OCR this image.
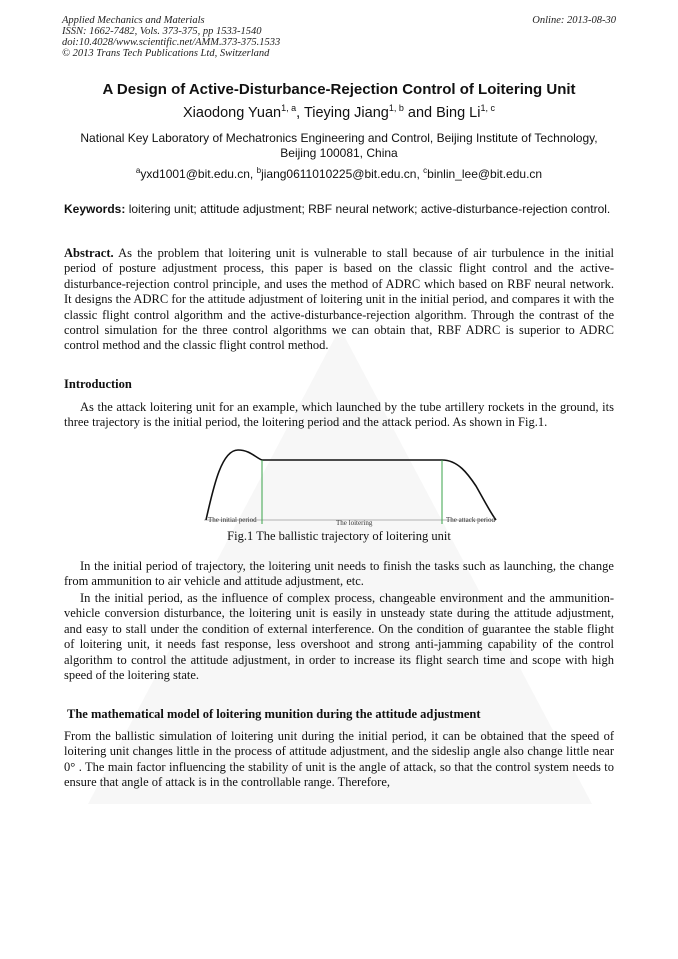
Applied Mechanics and Materials
ISSN: 1662-7482, Vols. 373-375, pp 1533-1540
doi:10.4028/www.scientific.net/AMM.373-375.1533
© 2013 Trans Tech Publications Ltd, Switzerland
Online: 2013-08-30
A Design of Active-Disturbance-Rejection Control of Loitering Unit
Xiaodong Yuan$^{1, a}$, Tieying Jiang$^{1, b}$ and Bing Li$^{1, c}$
National Key Laboratory of Mechatronics Engineering and Control, Beijing Institute of Technology, Beijing 100081, China
$^a$yxd1001@bit.edu.cn, $^b$jiang0611010225@bit.edu.cn, $^c$binlin_lee@bit.edu.cn
Keywords: loitering unit; attitude adjustment; RBF neural network; active-disturbance-rejection control.
Abstract. As the problem that loitering unit is vulnerable to stall because of air turbulence in the initial period of posture adjustment process, this paper is based on the classic flight control and the active-disturbance-rejection control principle, and uses the method of ADRC which based on RBF neural network. It designs the ADRC for the attitude adjustment of loitering unit in the initial period, and compares it with the classic flight control algorithm and the active-disturbance-rejection algorithm. Through the contrast of the control simulation for the three control algorithms we can obtain that, RBF ADRC is superior to ADRC control method and the classic flight control method.
Introduction
As the attack loitering unit for an example, which launched by the tube artillery rockets in the ground, its three trajectory is the initial period, the loitering period and the attack period. As shown in Fig.1.
The initial period	The loitering	The attack period
Fig.1 The ballistic trajectory of loitering unit
In the initial period of trajectory, the loitering unit needs to finish the tasks such as launching, the change from ammunition to air vehicle and attitude adjustment, etc.
In the initial period, as the influence of complex process, changeable environment and the ammunition-vehicle conversion disturbance, the loitering unit is easily in unsteady state during the attitude adjustment, and easy to stall under the condition of external interference. On the condition of guarantee the stable flight of loitering unit, it needs fast response, less overshoot and strong anti-jamming capability of the control algorithm to control the attitude adjustment, in order to increase its flight search time and scope with high speed of the loitering state.
The mathematical model of loitering munition during the attitude adjustment
From the ballistic simulation of loitering unit during the initial period, it can be obtained that the speed of loitering unit changes little in the process of attitude adjustment, and the sideslip angle also change little near 0° . The main factor influencing the stability of unit is the angle of attack, so that the control system needs to ensure that angle of attack is in the controllable range. Therefore,
